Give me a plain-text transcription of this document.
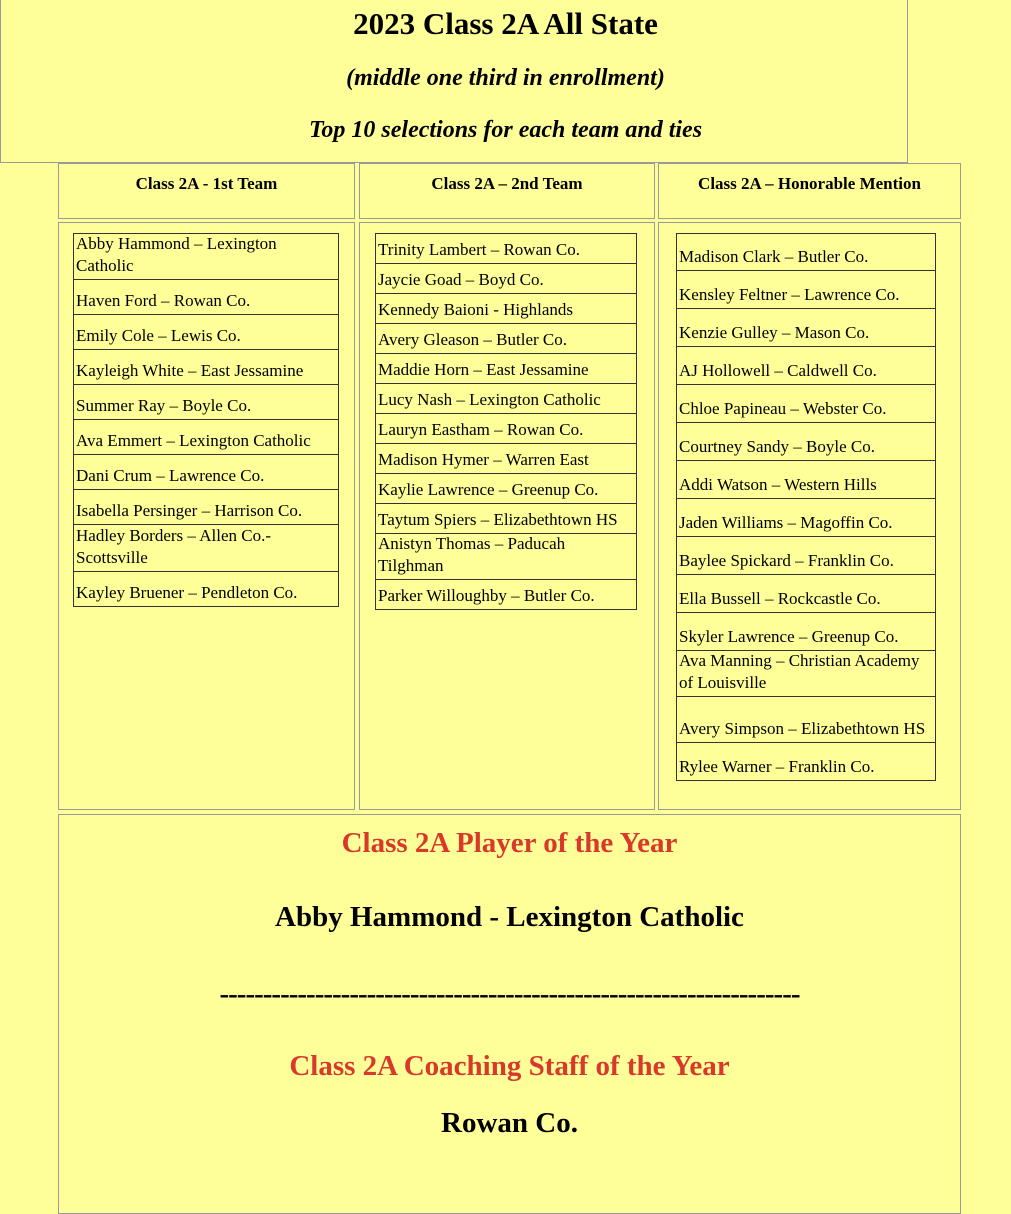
2023 Class 2A All State
(middle one third in enrollment)
Top 10 selections for each team and ties
Class 2A - 1st Team	Class 2A – 2nd Team	Class 2A – Honorable Mention
Abby Hammond – Lexington Catholic
Haven Ford – Rowan Co.
Emily Cole – Lewis Co.
Kayleigh White – East Jessamine
Summer Ray – Boyle Co.
Ava Emmert – Lexington Catholic
Dani Crum – Lawrence Co.
Isabella Persinger – Harrison Co.
Hadley Borders – Allen Co.-Scottsville
Kayley Bruener – Pendleton Co.
Trinity Lambert – Rowan Co.
Jaycie Goad – Boyd Co.
Kennedy Baioni - Highlands
Avery Gleason – Butler Co.
Maddie Horn – East Jessamine
Lucy Nash – Lexington Catholic
Lauryn Eastham – Rowan Co.
Madison Hymer – Warren East
Kaylie Lawrence – Greenup Co.
Taytum Spiers – Elizabethtown HS
Anistyn Thomas – Paducah Tilghman
Parker Willoughby – Butler Co.
Madison Clark – Butler Co.
Kensley Feltner – Lawrence Co.
Kenzie Gulley – Mason Co.
AJ Hollowell – Caldwell Co.
Chloe Papineau – Webster Co.
Courtney Sandy – Boyle Co.
Addi Watson – Western Hills
Jaden Williams – Magoffin Co.
Baylee Spickard – Franklin Co.
Ella Bussell – Rockcastle Co.
Skyler Lawrence – Greenup Co.
Ava Manning – Christian Academy of Louisville
Avery Simpson – Elizabethtown HS
Rylee Warner – Franklin Co.
Class 2A Player of the Year
Abby Hammond - Lexington Catholic
-------------------------------------------------------------------
Class 2A Coaching Staff of the Year
Rowan Co.
